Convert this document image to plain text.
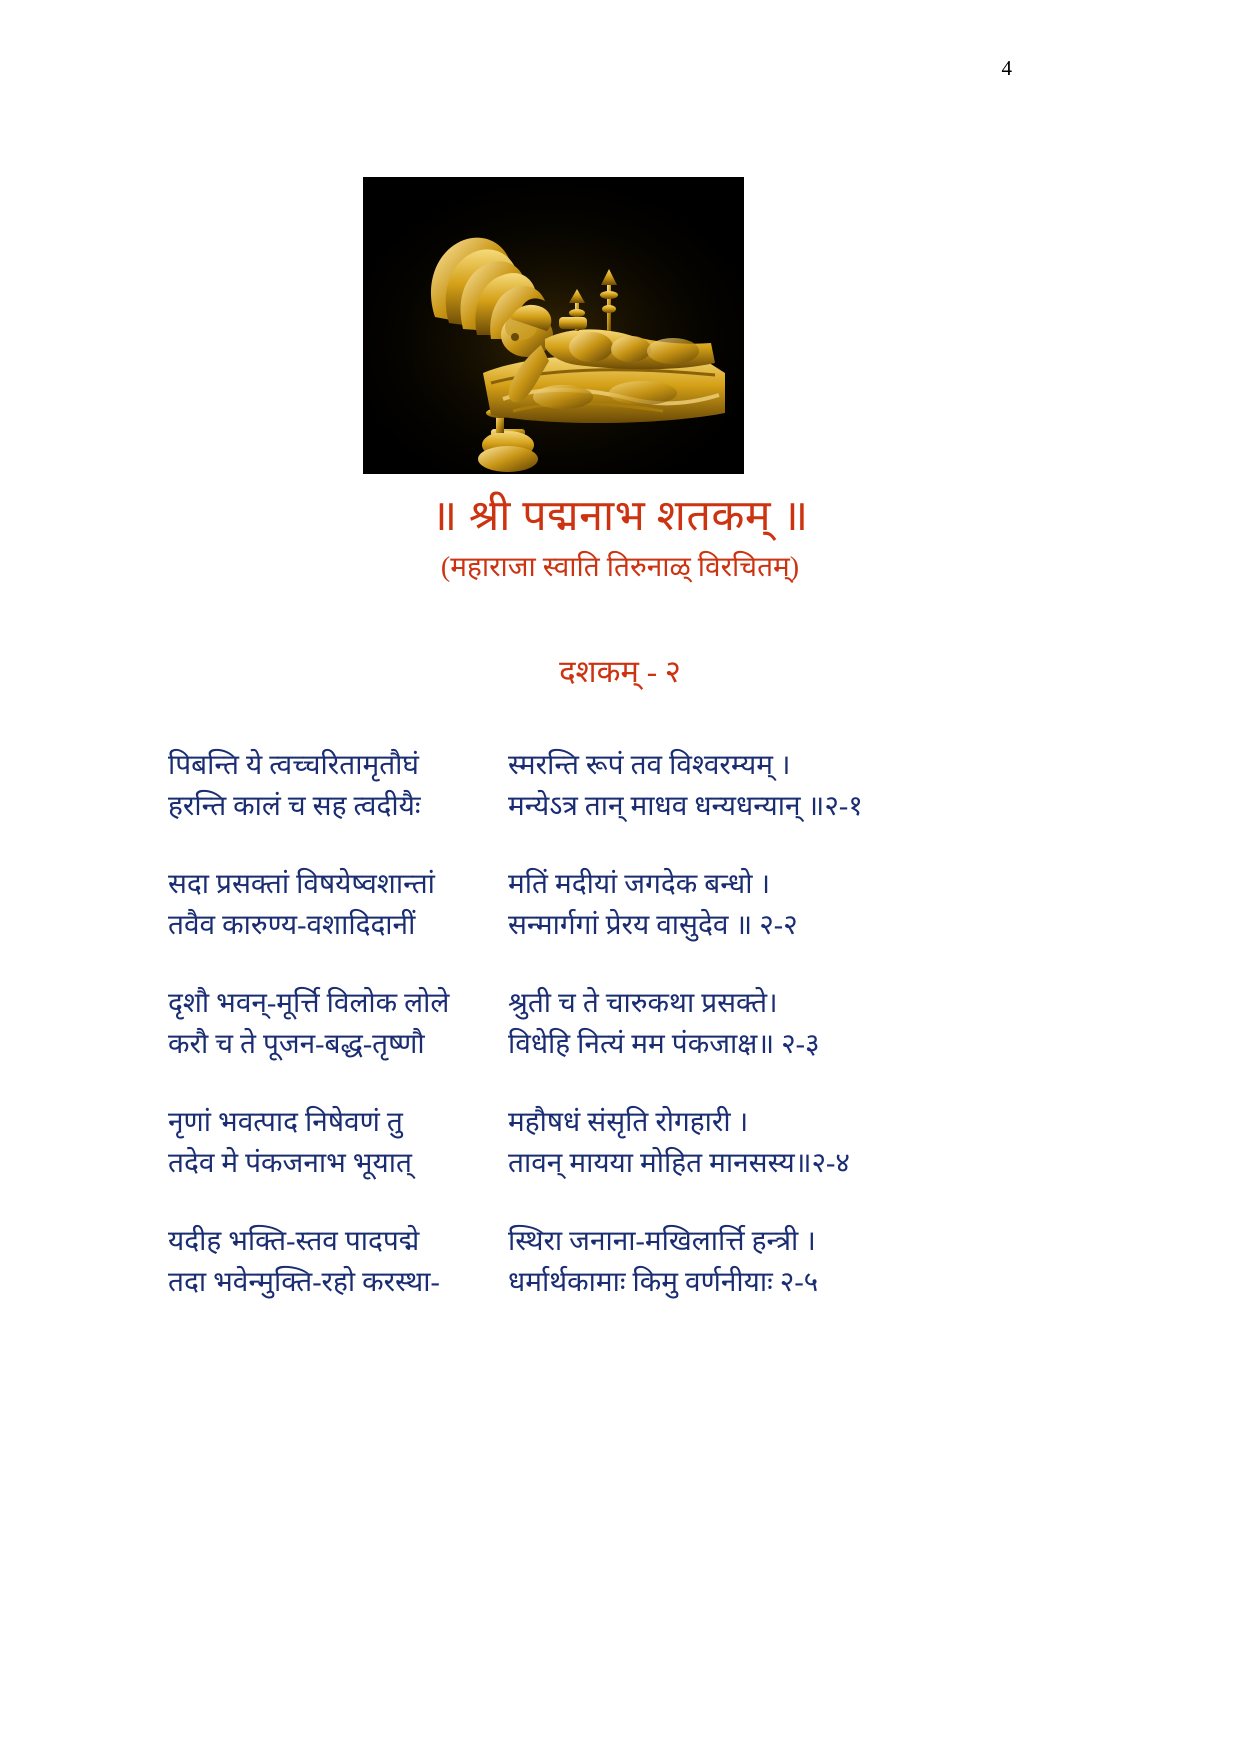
4
॥ श्री पद्मनाभ शतकम् ॥

(महाराजा स्वाति तिरुनाळ् विरचितम्)

दशकम् - २
पिबन्ति ये त्वच्चरितामृतौघं	स्मरन्ति रूपं तव विश्वरम्यम् ।
हरन्ति कालं च सह त्वदीयैः	मन्येऽत्र तान् माधव धन्यधन्यान् ॥२-१
सदा प्रसक्तां विषयेष्वशान्तां	मतिं मदीयां जगदेक बन्धो ।
तवैव कारुण्य-वशादिदानीं	सन्मार्गगां प्रेरय वासुदेव ॥ २-२
दृशौ भवन्-मूर्त्ति विलोक लोले	श्रुती च ते चारुकथा प्रसक्ते।
करौ च ते पूजन-बद्ध-तृष्णौ	विधेहि नित्यं मम पंकजाक्ष॥ २-३
नृणां भवत्पाद निषेवणं तु	महौषधं संसृति रोगहारी ।
तदेव मे पंकजनाभ भूयात्	तावन् मायया मोहित मानसस्य॥२-४
यदीह भक्ति-स्तव पादपद्मे	स्थिरा जनाना-मखिलार्त्ति हन्त्री ।
तदा भवेन्मुक्ति-रहो करस्था-	धर्मार्थकामाः किमु वर्णनीयाः २-५
